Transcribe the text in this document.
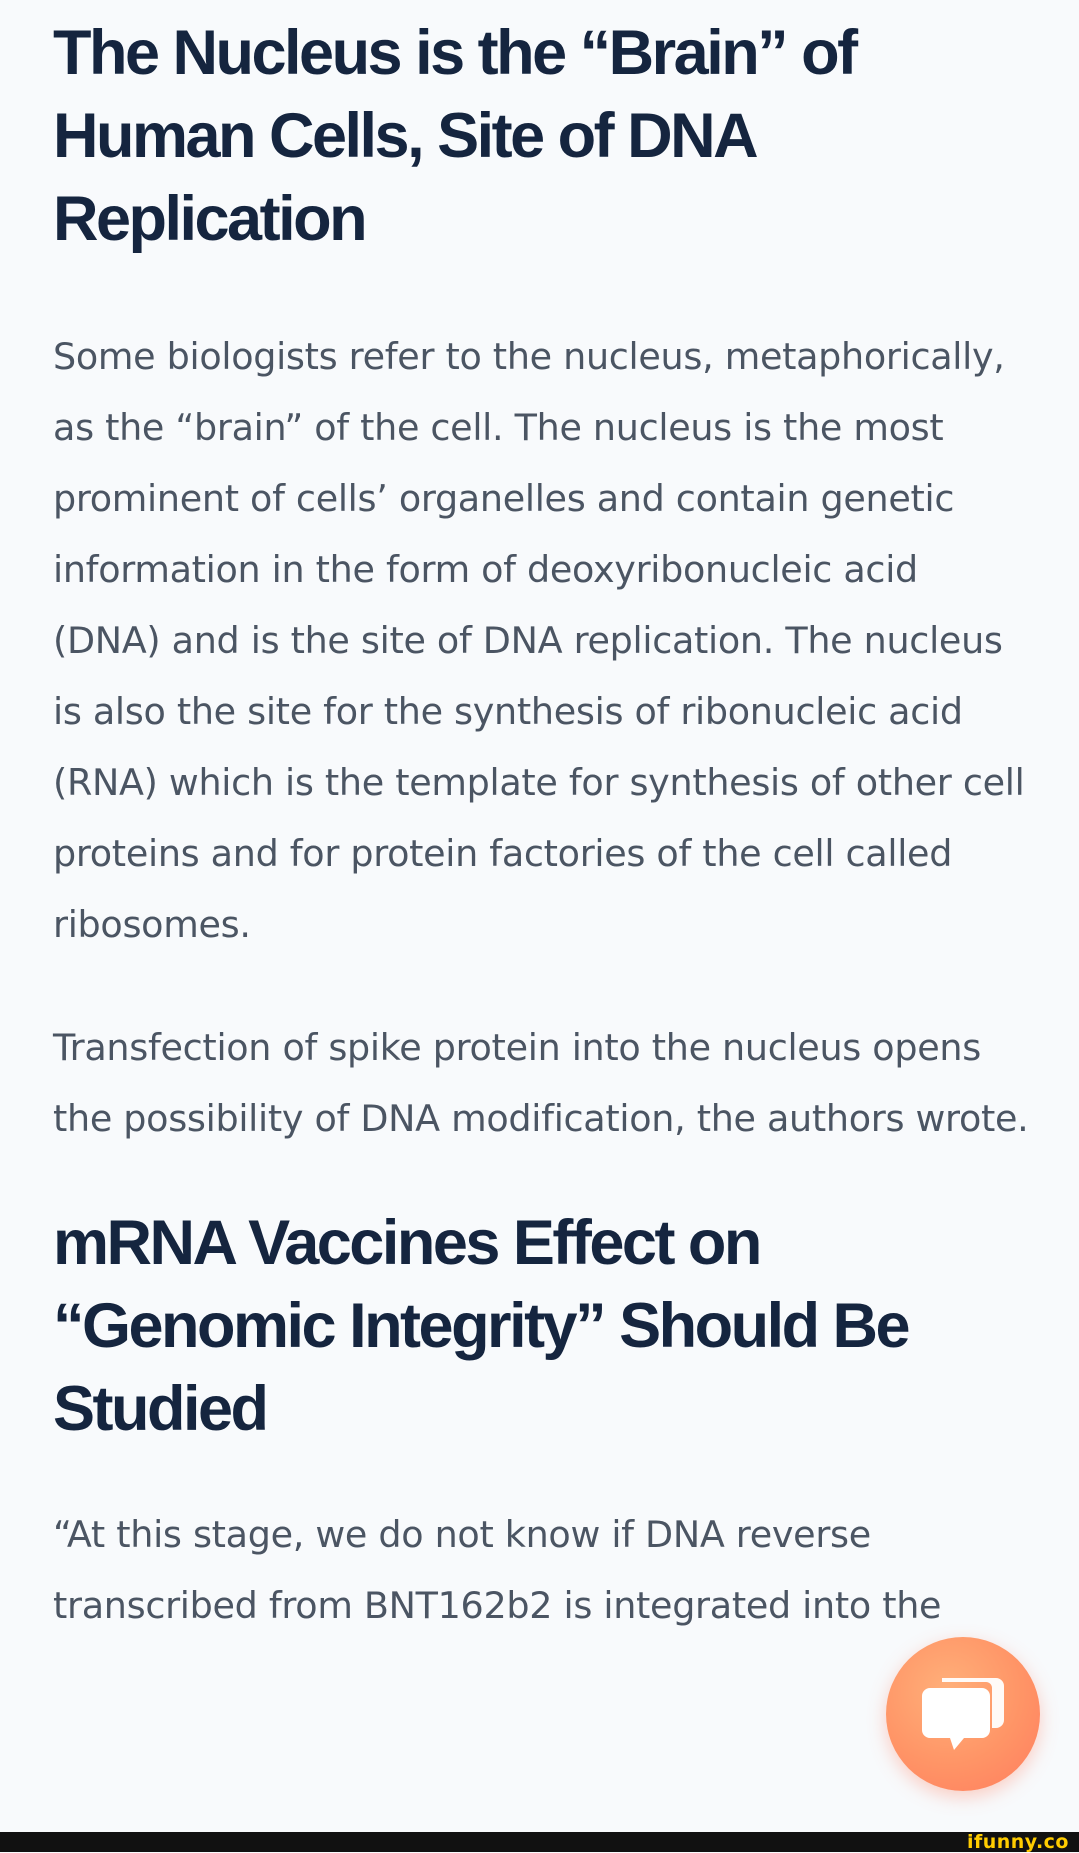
The Nucleus is the “Brain” of Human Cells, Site of DNA Replication

Some biologists refer to the nucleus, metaphorically, as the “brain” of the cell. The nucleus is the most prominent of cells’ organelles and contain genetic information in the form of deoxyribonucleic acid (DNA) and is the site of DNA replication. The nucleus is also the site for the synthesis of ribonucleic acid (RNA) which is the template for synthesis of other cell proteins and for protein factories of the cell called ribosomes.

Transfection of spike protein into the nucleus opens the possibility of DNA modification, the authors wrote.

mRNA Vaccines Effect on “Genomic Integrity” Should Be Studied

“At this stage, we do not know if DNA reverse transcribed from BNT162b2 is integrated into the

ifunny.co
